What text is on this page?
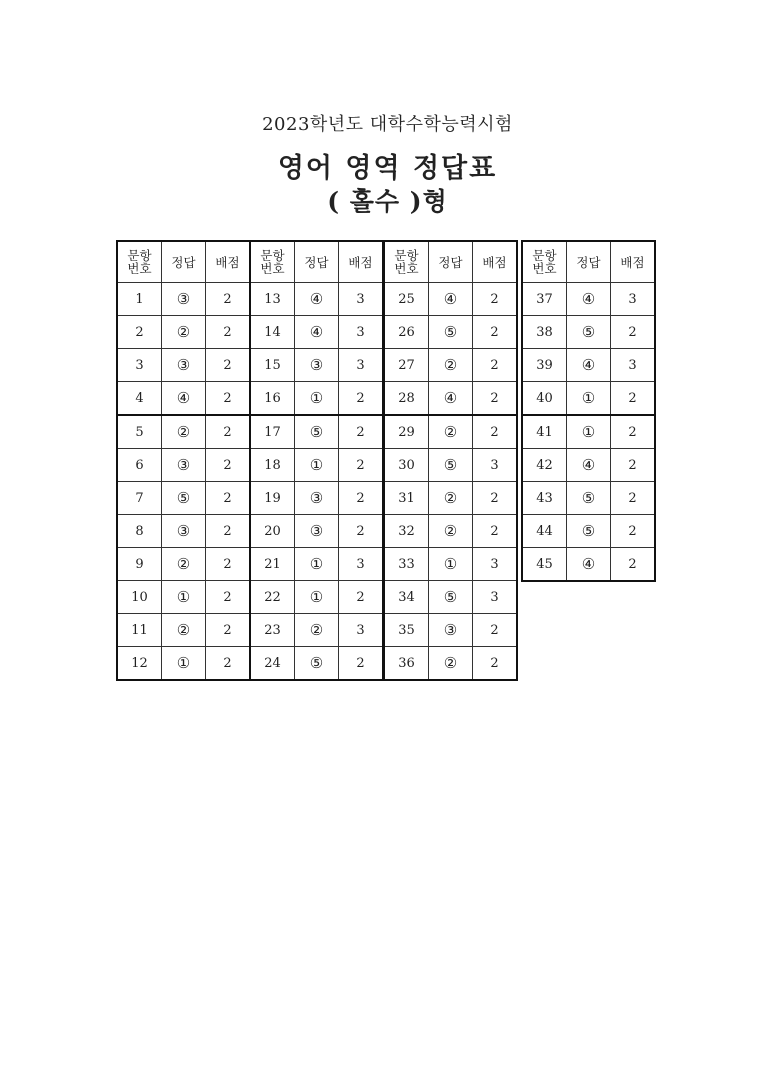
2023학년도 대학수학능력시험
영어 영역 정답표
( 홀수 )형
문항
번호	정답	배점
1	③	2
2	②	2
3	③	2
4	④	2
5	②	2
6	③	2
7	⑤	2
8	③	2
9	②	2
10	①	2
11	②	2
12	①	2
문항
번호	정답	배점
13	④	3
14	④	3
15	③	3
16	①	2
17	⑤	2
18	①	2
19	③	2
20	③	2
21	①	3
22	①	2
23	②	3
24	⑤	2
문항
번호	정답	배점
25	④	2
26	⑤	2
27	②	2
28	④	2
29	②	2
30	⑤	3
31	②	2
32	②	2
33	①	3
34	⑤	3
35	③	2
36	②	2
문항
번호	정답	배점
37	④	3
38	⑤	2
39	④	3
40	①	2
41	①	2
42	④	2
43	⑤	2
44	⑤	2
45	④	2
